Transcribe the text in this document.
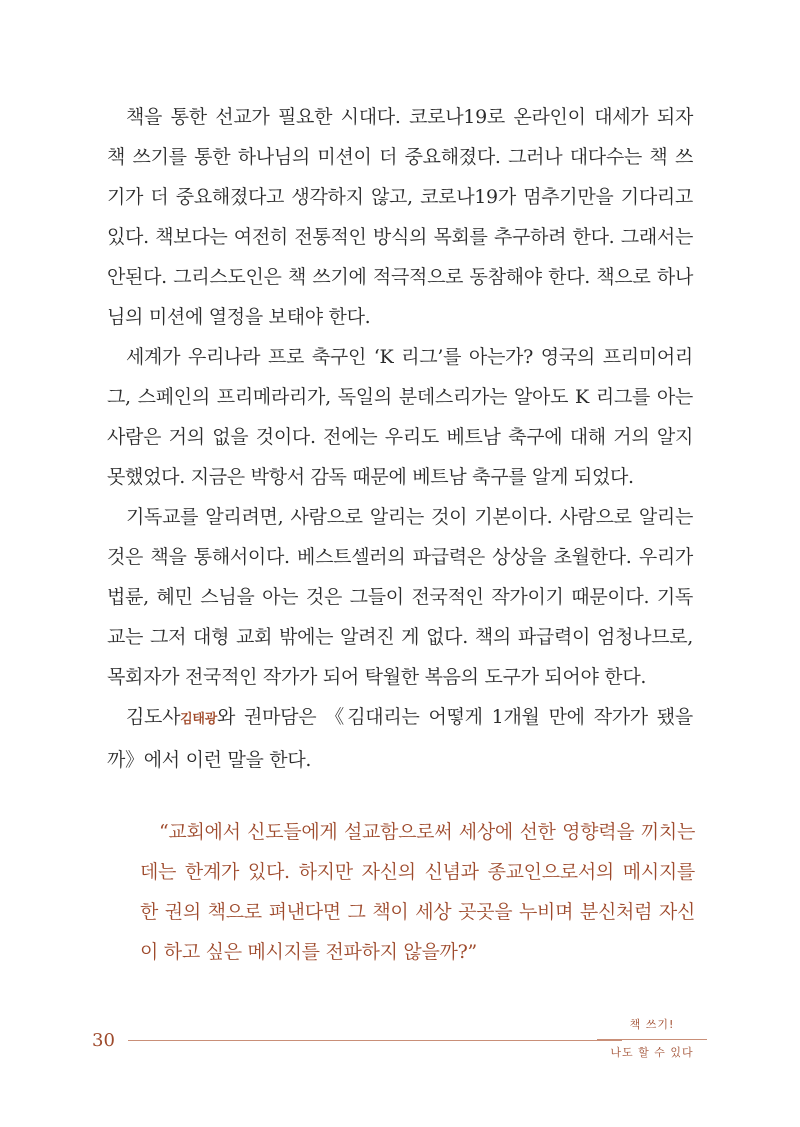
책을 통한 선교가 필요한 시대다. 코로나19로 온라인이 대세가 되자 책 쓰기를 통한 하나님의 미션이 더 중요해졌다. 그러나 대다수는 책 쓰기가 더 중요해졌다고 생각하지 않고, 코로나19가 멈추기만을 기다리고 있다. 책보다는 여전히 전통적인 방식의 목회를 추구하려 한다. 그래서는 안된다. 그리스도인은 책 쓰기에 적극적으로 동참해야 한다. 책으로 하나님의 미션에 열정을 보태야 한다.

세계가 우리나라 프로 축구인 ‘K 리그’를 아는가? 영국의 프리미어리그, 스페인의 프리메라리가, 독일의 분데스리가는 알아도 K 리그를 아는 사람은 거의 없을 것이다. 전에는 우리도 베트남 축구에 대해 거의 알지 못했었다. 지금은 박항서 감독 때문에 베트남 축구를 알게 되었다.

기독교를 알리려면, 사람으로 알리는 것이 기본이다. 사람으로 알리는 것은 책을 통해서이다. 베스트셀러의 파급력은 상상을 초월한다. 우리가 법륜, 혜민 스님을 아는 것은 그들이 전국적인 작가이기 때문이다. 기독교는 그저 대형 교회 밖에는 알려진 게 없다. 책의 파급력이 엄청나므로, 목회자가 전국적인 작가가 되어 탁월한 복음의 도구가 되어야 한다.

김도사김태광와 권마담은 《김대리는 어떻게 1개월 만에 작가가 됐을까》에서 이런 말을 한다.

“교회에서 신도들에게 설교함으로써 세상에 선한 영향력을 끼치는 데는 한계가 있다. 하지만 자신의 신념과 종교인으로서의 메시지를 한 권의 책으로 펴낸다면 그 책이 세상 곳곳을 누비며 분신처럼 자신이 하고 싶은 메시지를 전파하지 않을까?”
30
책 쓰기!
나도 할 수 있다
